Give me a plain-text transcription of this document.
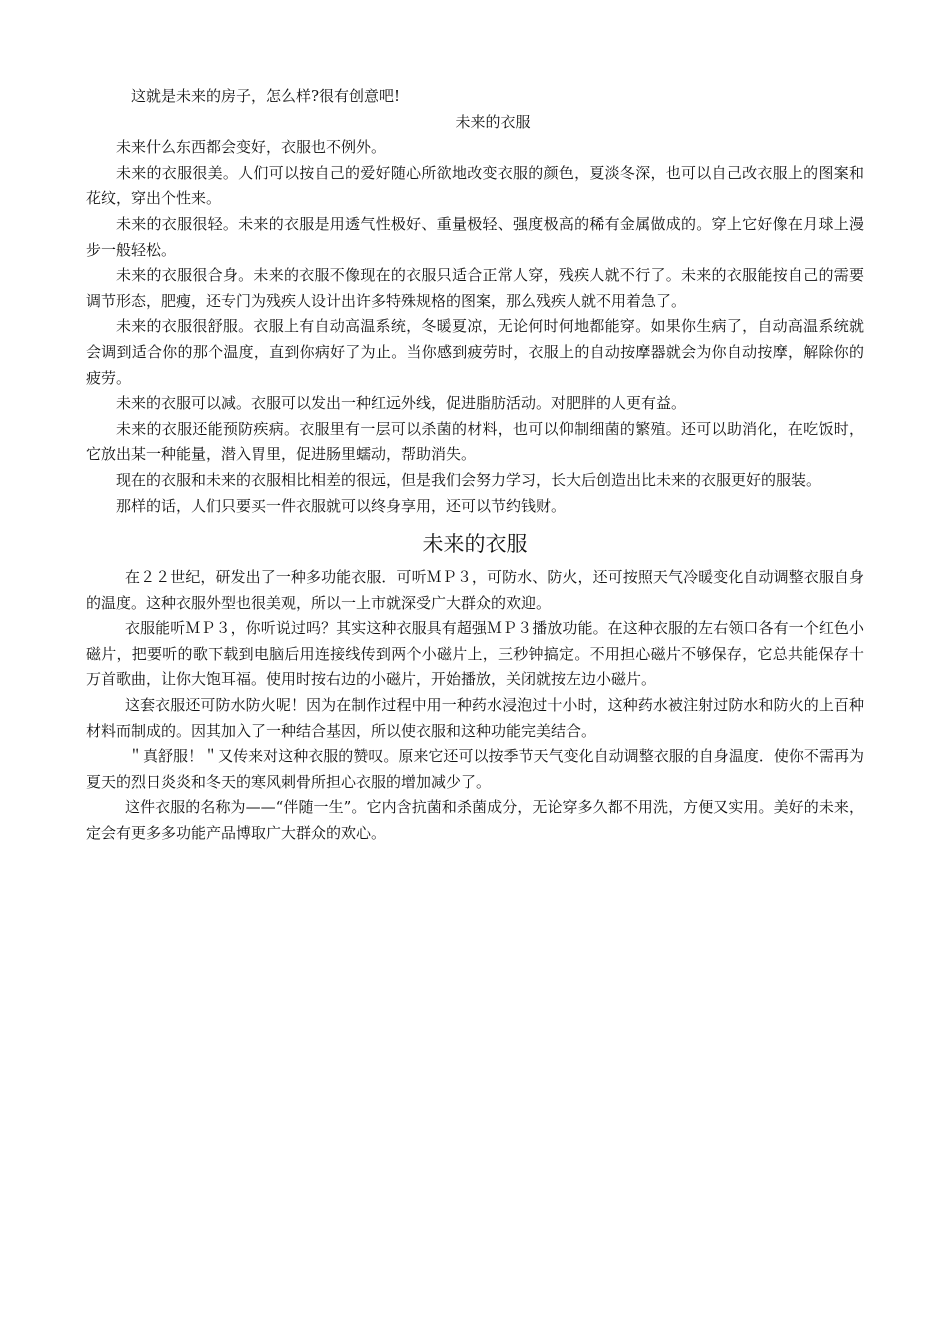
这就是未来的房子，怎么样?很有创意吧!

未来的衣服

未来什么东西都会变好，衣服也不例外。

未来的衣服很美。人们可以按自己的爱好随心所欲地改变衣服的颜色，夏淡冬深，也可以自己改衣服上的图案和花纹，穿出个性来。

未来的衣服很轻。未来的衣服是用透气性极好、重量极轻、强度极高的稀有金属做成的。穿上它好像在月球上漫步一般轻松。

未来的衣服很合身。未来的衣服不像现在的衣服只适合正常人穿，残疾人就不行了。未来的衣服能按自己的需要调节形态，肥瘦，还专门为残疾人设计出许多特殊规格的图案，那么残疾人就不用着急了。

未来的衣服很舒服。衣服上有自动高温系统，冬暖夏凉，无论何时何地都能穿。如果你生病了，自动高温系统就会调到适合你的那个温度，直到你病好了为止。当你感到疲劳时，衣服上的自动按摩器就会为你自动按摩，解除你的疲劳。

未来的衣服可以减。衣服可以发出一种红远外线，促进脂肪活动。对肥胖的人更有益。

未来的衣服还能预防疾病。衣服里有一层可以杀菌的材料，也可以仰制细菌的繁殖。还可以助消化，在吃饭时，它放出某一种能量，潜入胃里，促进肠里蠕动，帮助消失。

现在的衣服和未来的衣服相比相差的很远，但是我们会努力学习，长大后创造出比未来的衣服更好的服装。

那样的话，人们只要买一件衣服就可以终身享用，还可以节约钱财。

未来的衣服

在２２世纪，研发出了一种多功能衣服．可听ＭＰ３，可防水、防火，还可按照天气冷暖变化自动调整衣服自身的温度。这种衣服外型也很美观，所以一上市就深受广大群众的欢迎。

衣服能听ＭＰ３，你听说过吗？其实这种衣服具有超强ＭＰ３播放功能。在这种衣服的左右领口各有一个红色小磁片，把要听的歌下载到电脑后用连接线传到两个小磁片上，三秒钟搞定。不用担心磁片不够保存，它总共能保存十万首歌曲，让你大饱耳福。使用时按右边的小磁片，开始播放，关闭就按左边小磁片。

这套衣服还可防水防火呢！因为在制作过程中用一种药水浸泡过十小时，这种药水被注射过防水和防火的上百种材料而制成的。因其加入了一种结合基因，所以使衣服和这种功能完美结合。

＂真舒服！＂又传来对这种衣服的赞叹。原来它还可以按季节天气变化自动调整衣服的自身温度．使你不需再为夏天的烈日炎炎和冬天的寒风刺骨所担心衣服的增加减少了。

这件衣服的名称为——“伴随一生”。它内含抗菌和杀菌成分，无论穿多久都不用洗，方便又实用。美好的未来，定会有更多多功能产品博取广大群众的欢心。
